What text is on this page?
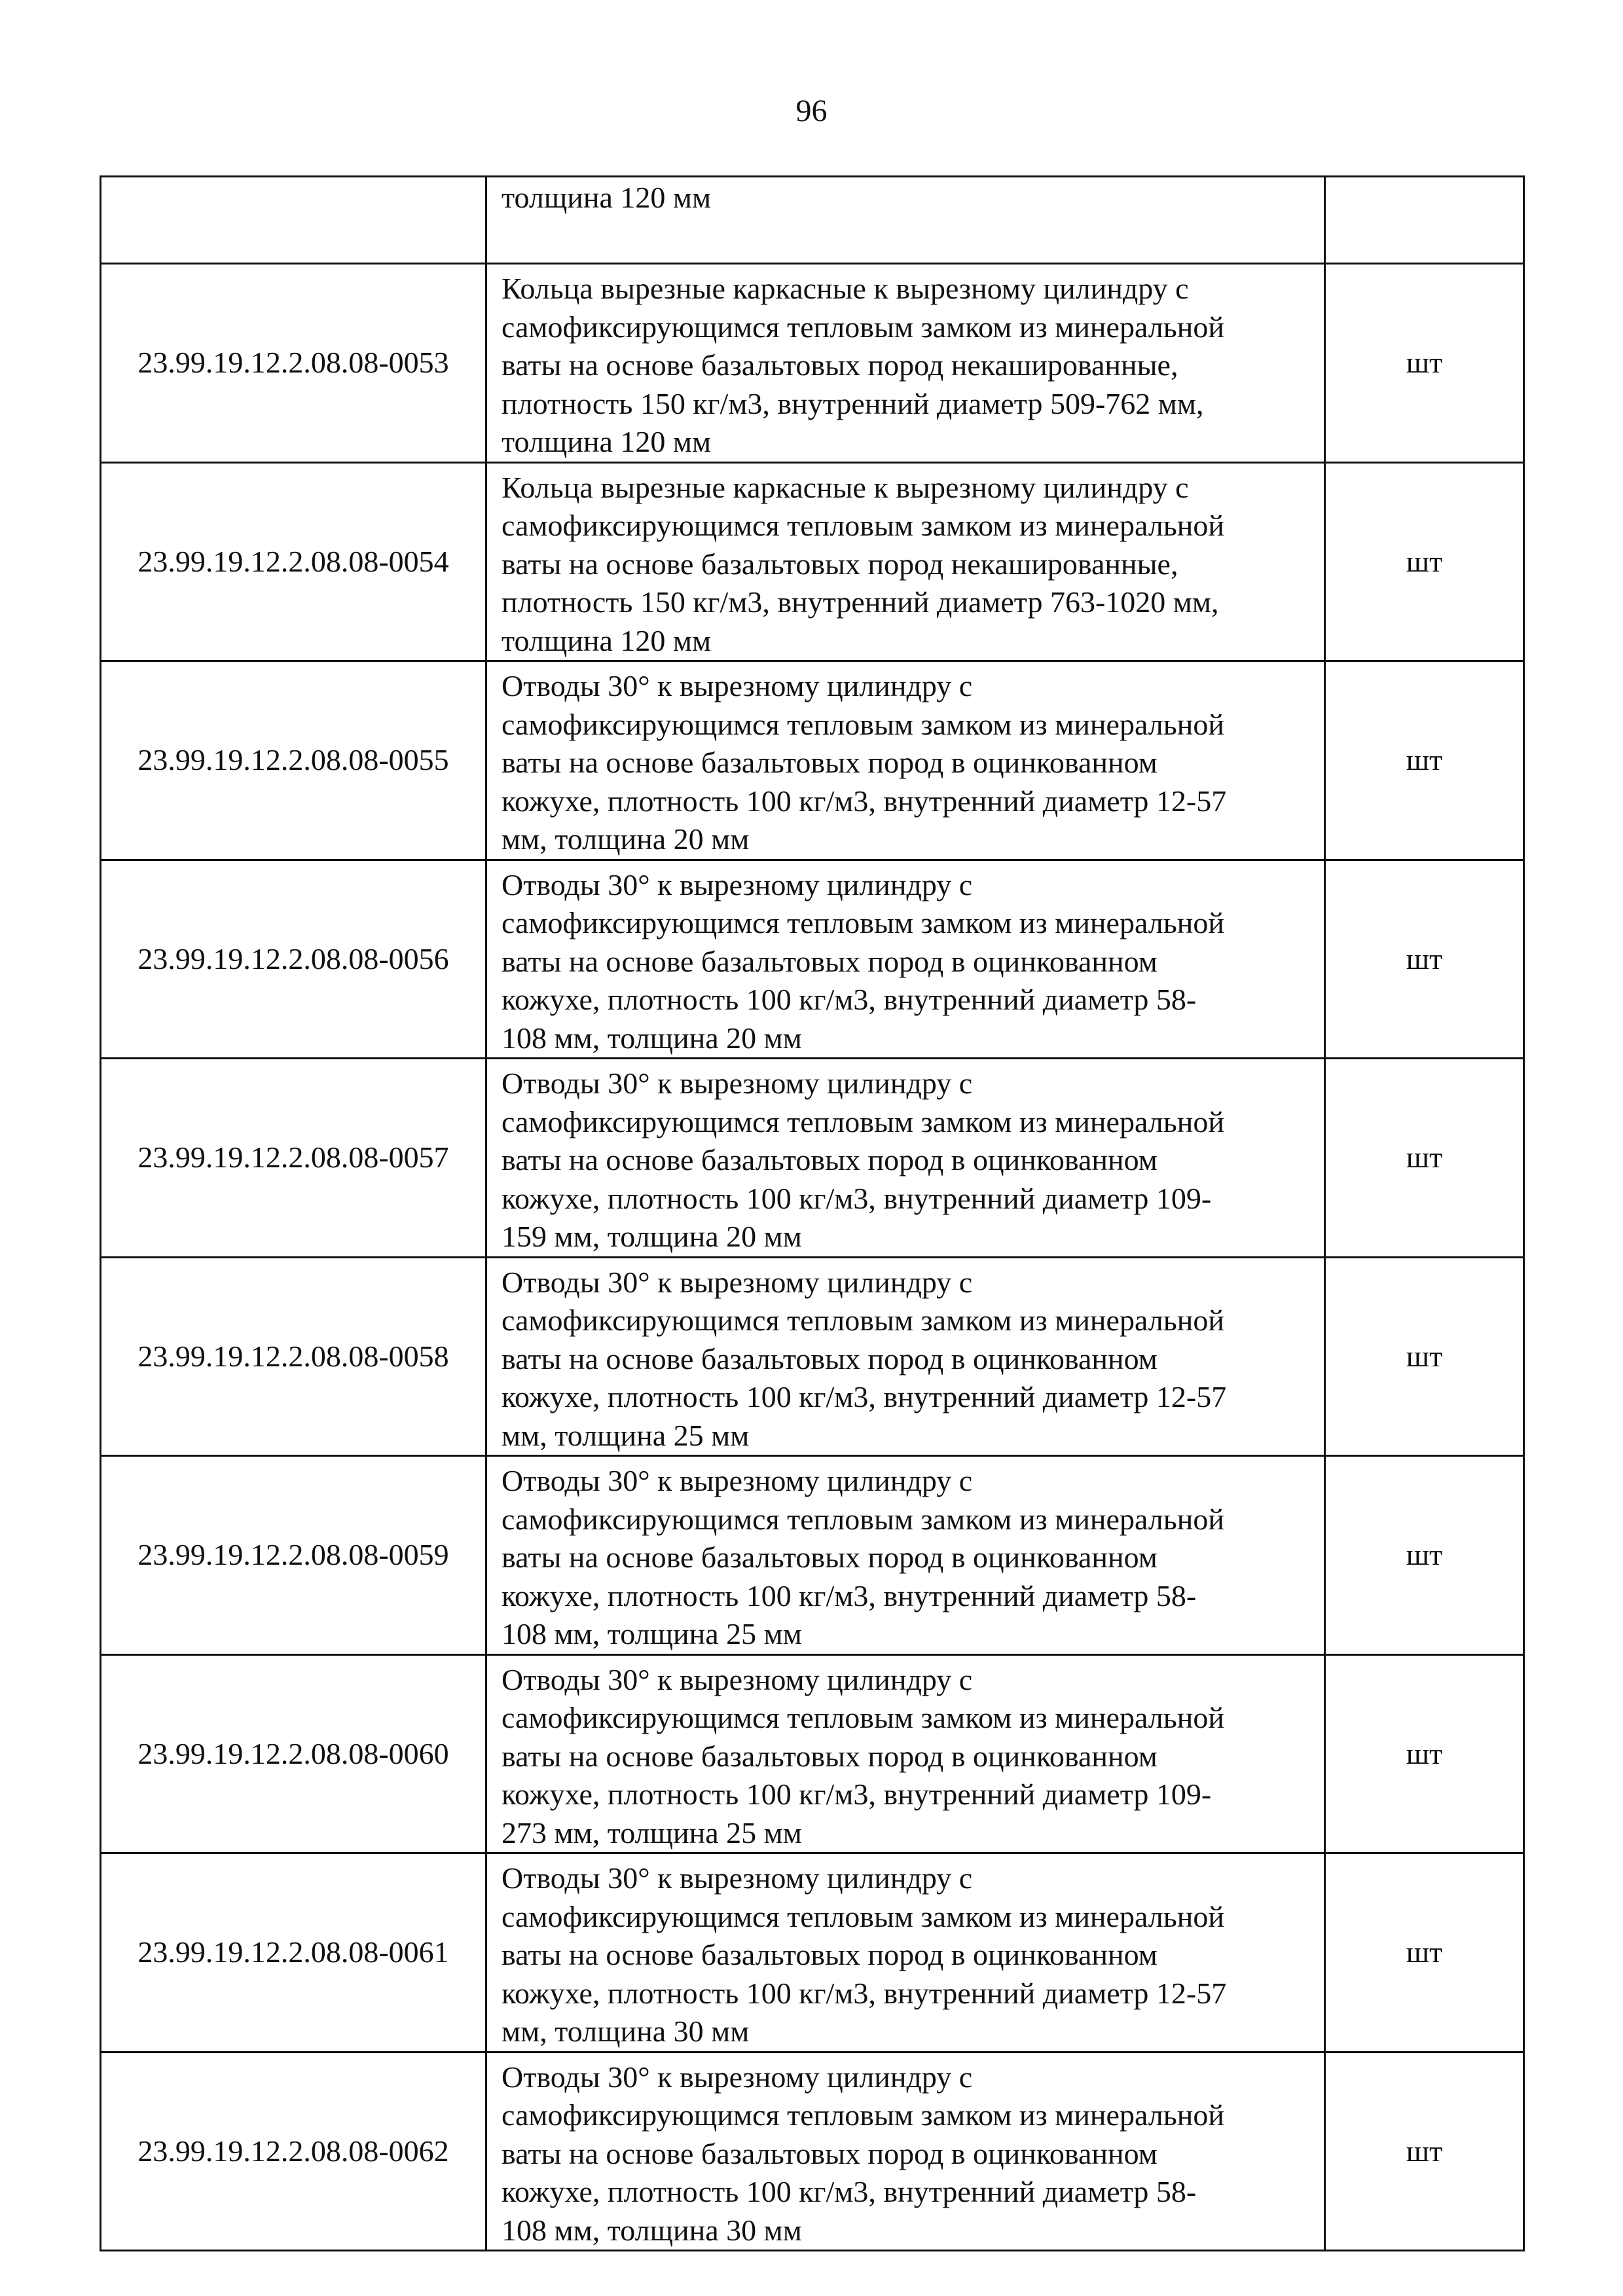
96
	толщина 120 мм	
23.99.19.12.2.08.08-0053	Кольца вырезные каркасные к вырезному цилиндру с
самофиксирующимся тепловым замком из минеральной
ваты на основе базальтовых пород некашированные,
плотность 150 кг/м3, внутренний диаметр 509-762 мм,
толщина 120 мм	шт
23.99.19.12.2.08.08-0054	Кольца вырезные каркасные к вырезному цилиндру с
самофиксирующимся тепловым замком из минеральной
ваты на основе базальтовых пород некашированные,
плотность 150 кг/м3, внутренний диаметр 763-1020 мм,
толщина 120 мм	шт
23.99.19.12.2.08.08-0055	Отводы 30° к вырезному цилиндру с
самофиксирующимся тепловым замком из минеральной
ваты на основе базальтовых пород в оцинкованном
кожухе, плотность 100 кг/м3, внутренний диаметр 12-57
мм, толщина 20 мм	шт
23.99.19.12.2.08.08-0056	Отводы 30° к вырезному цилиндру с
самофиксирующимся тепловым замком из минеральной
ваты на основе базальтовых пород в оцинкованном
кожухе, плотность 100 кг/м3, внутренний диаметр 58-
108 мм, толщина 20 мм	шт
23.99.19.12.2.08.08-0057	Отводы 30° к вырезному цилиндру с
самофиксирующимся тепловым замком из минеральной
ваты на основе базальтовых пород в оцинкованном
кожухе, плотность 100 кг/м3, внутренний диаметр 109-
159 мм, толщина 20 мм	шт
23.99.19.12.2.08.08-0058	Отводы 30° к вырезному цилиндру с
самофиксирующимся тепловым замком из минеральной
ваты на основе базальтовых пород в оцинкованном
кожухе, плотность 100 кг/м3, внутренний диаметр 12-57
мм, толщина 25 мм	шт
23.99.19.12.2.08.08-0059	Отводы 30° к вырезному цилиндру с
самофиксирующимся тепловым замком из минеральной
ваты на основе базальтовых пород в оцинкованном
кожухе, плотность 100 кг/м3, внутренний диаметр 58-
108 мм, толщина 25 мм	шт
23.99.19.12.2.08.08-0060	Отводы 30° к вырезному цилиндру с
самофиксирующимся тепловым замком из минеральной
ваты на основе базальтовых пород в оцинкованном
кожухе, плотность 100 кг/м3, внутренний диаметр 109-
273 мм, толщина 25 мм	шт
23.99.19.12.2.08.08-0061	Отводы 30° к вырезному цилиндру с
самофиксирующимся тепловым замком из минеральной
ваты на основе базальтовых пород в оцинкованном
кожухе, плотность 100 кг/м3, внутренний диаметр 12-57
мм, толщина 30 мм	шт
23.99.19.12.2.08.08-0062	Отводы 30° к вырезному цилиндру с
самофиксирующимся тепловым замком из минеральной
ваты на основе базальтовых пород в оцинкованном
кожухе, плотность 100 кг/м3, внутренний диаметр 58-
108 мм, толщина 30 мм	шт
